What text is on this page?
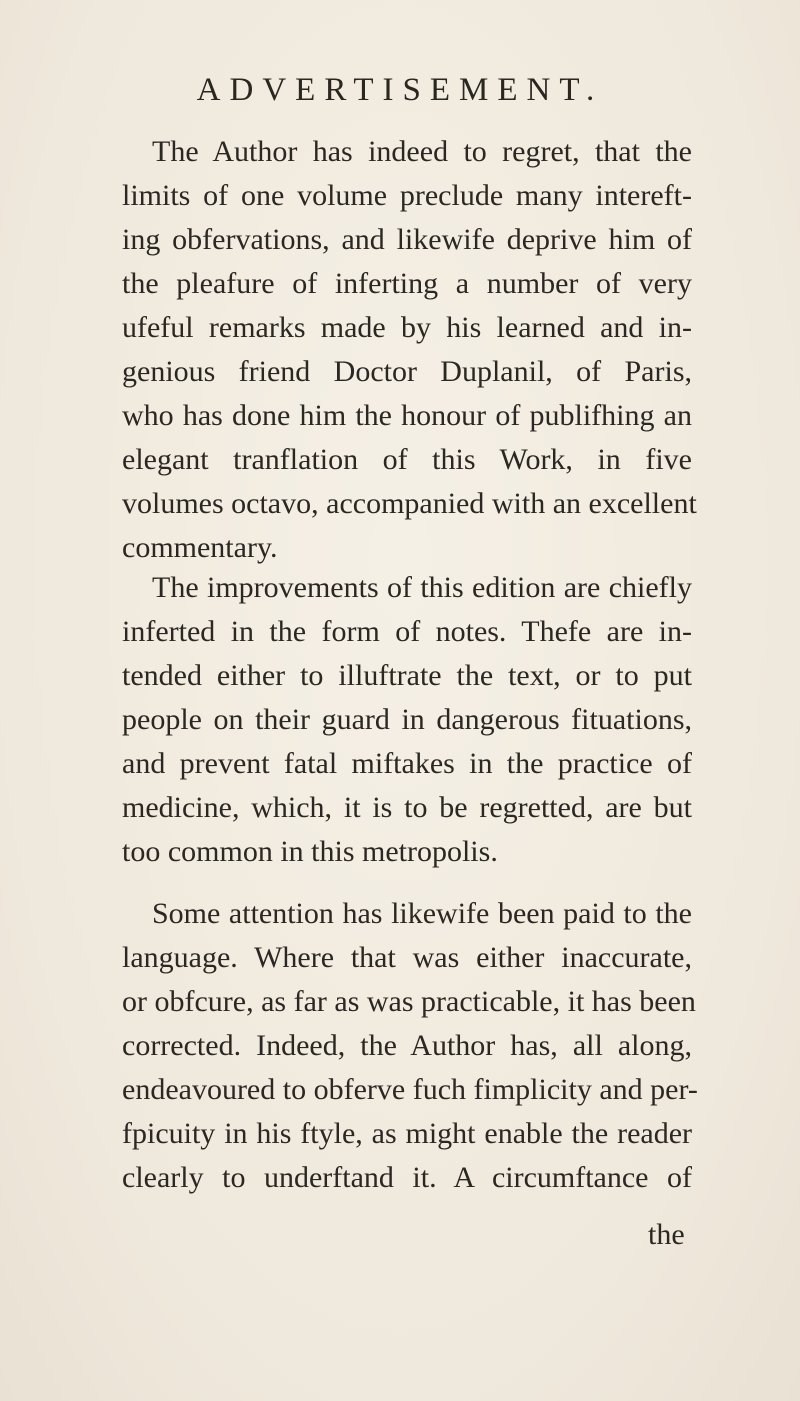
ADVERTISEMENT.
The Author has indeed to regret, that the
limits of one volume preclude many intereft-
ing obfervations, and likewife deprive him of
the pleafure of inferting a number of very
ufeful remarks made by his learned and in-
genious friend Doctor Duplanil, of Paris,
who has done him the honour of publifhing an
elegant tranflation of this Work, in five
volumes octavo, accompanied with an excellent
commentary.
The improvements of this edition are chiefly
inferted in the form of notes. Thefe are in-
tended either to illuftrate the text, or to put
people on their guard in dangerous fituations,
and prevent fatal miftakes in the practice of
medicine, which, it is to be regretted, are but
too common in this metropolis.
Some attention has likewife been paid to the
language. Where that was either inaccurate,
or obfcure, as far as was practicable, it has been
corrected. Indeed, the Author has, all along,
endeavoured to obferve fuch fimplicity and per-
fpicuity in his ftyle, as might enable the reader
clearly to underftand it. A circumftance of
the
